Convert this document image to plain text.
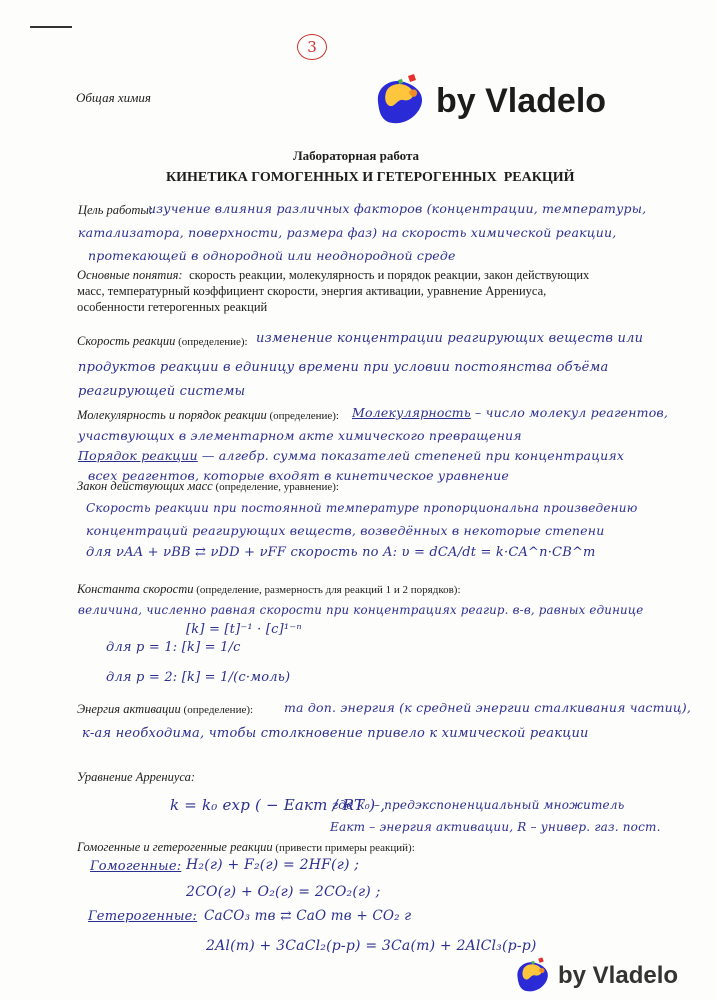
3
by Vladelo
Общая химия
Лабораторная работа
КИНЕТИКА ГОМОГЕННЫХ И ГЕТЕРОГЕННЫХ  РЕАКЦИЙ
Цель работы:
изучение влияния различных факторов (концентрации, температуры,
катализатора, поверхности, размера фаз) на скорость химической реакции,
протекающей в однородной или неоднородной среде
Основные понятия: скорость реакции, молекулярность и порядок реакции, закон действующих
масс, температурный коэффициент скорости, энергия активации, уравнение Аррениуса,
особенности гетерогенных реакций
Скорость реакции (определение): изменение концентрации реагирующих веществ или
продуктов реакции в единицу времени при условии постоянства объёма
реагирующей системы
Молекулярность и порядок реакции (определение): Молекулярность – число молекул реагентов,
участвующих в элементарном акте химического превращения
Порядок реакции — алгебр. сумма показателей степеней при концентрациях
всех реагентов, которые входят в кинетическое уравнение
Закон действующих масс (определение, уравнение):
Скорость реакции при постоянной температуре пропорциональна произведению
концентраций реагирующих веществ, возведённых в некоторые степени
для νAA + νBB ⇄ νDD + νFF скорость по A: υ = dCA/dt = k·CA^n·CB^m
Константа скорости (определение, размерность для реакций 1 и 2 порядков):
величина, численно равная скорости при концентрациях реагир. в-в, равных единице
[k] = [t]⁻¹ · [c]¹⁻ⁿ
для p = 1: [k] = 1/c
для p = 2: [k] = 1/(c·моль)
Энергия активации (определение): та доп. энергия (к средней энергии сталкивания частиц),
к-ая необходима, чтобы столкновение привело к химической реакции
Уравнение Аррениуса:
k = k₀ exp ( − Eакт / RT ) ,
где k₀ – предэкспоненциальный множитель
Eакт – энергия активации, R – универ. газ. пост.
Гомогенные и гетерогенные реакции (привести примеры реакций):
Гомогенные: H₂(г) + F₂(г) = 2HF(г) ;
2CO(г) + O₂(г) = 2CO₂(г) ;
Гетерогенные: CaCO₃ тв ⇄ CaO тв + CO₂ г
2Al(т) + 3CaCl₂(р-р) = 3Ca(т) + 2AlCl₃(р-р)
by Vladelo
